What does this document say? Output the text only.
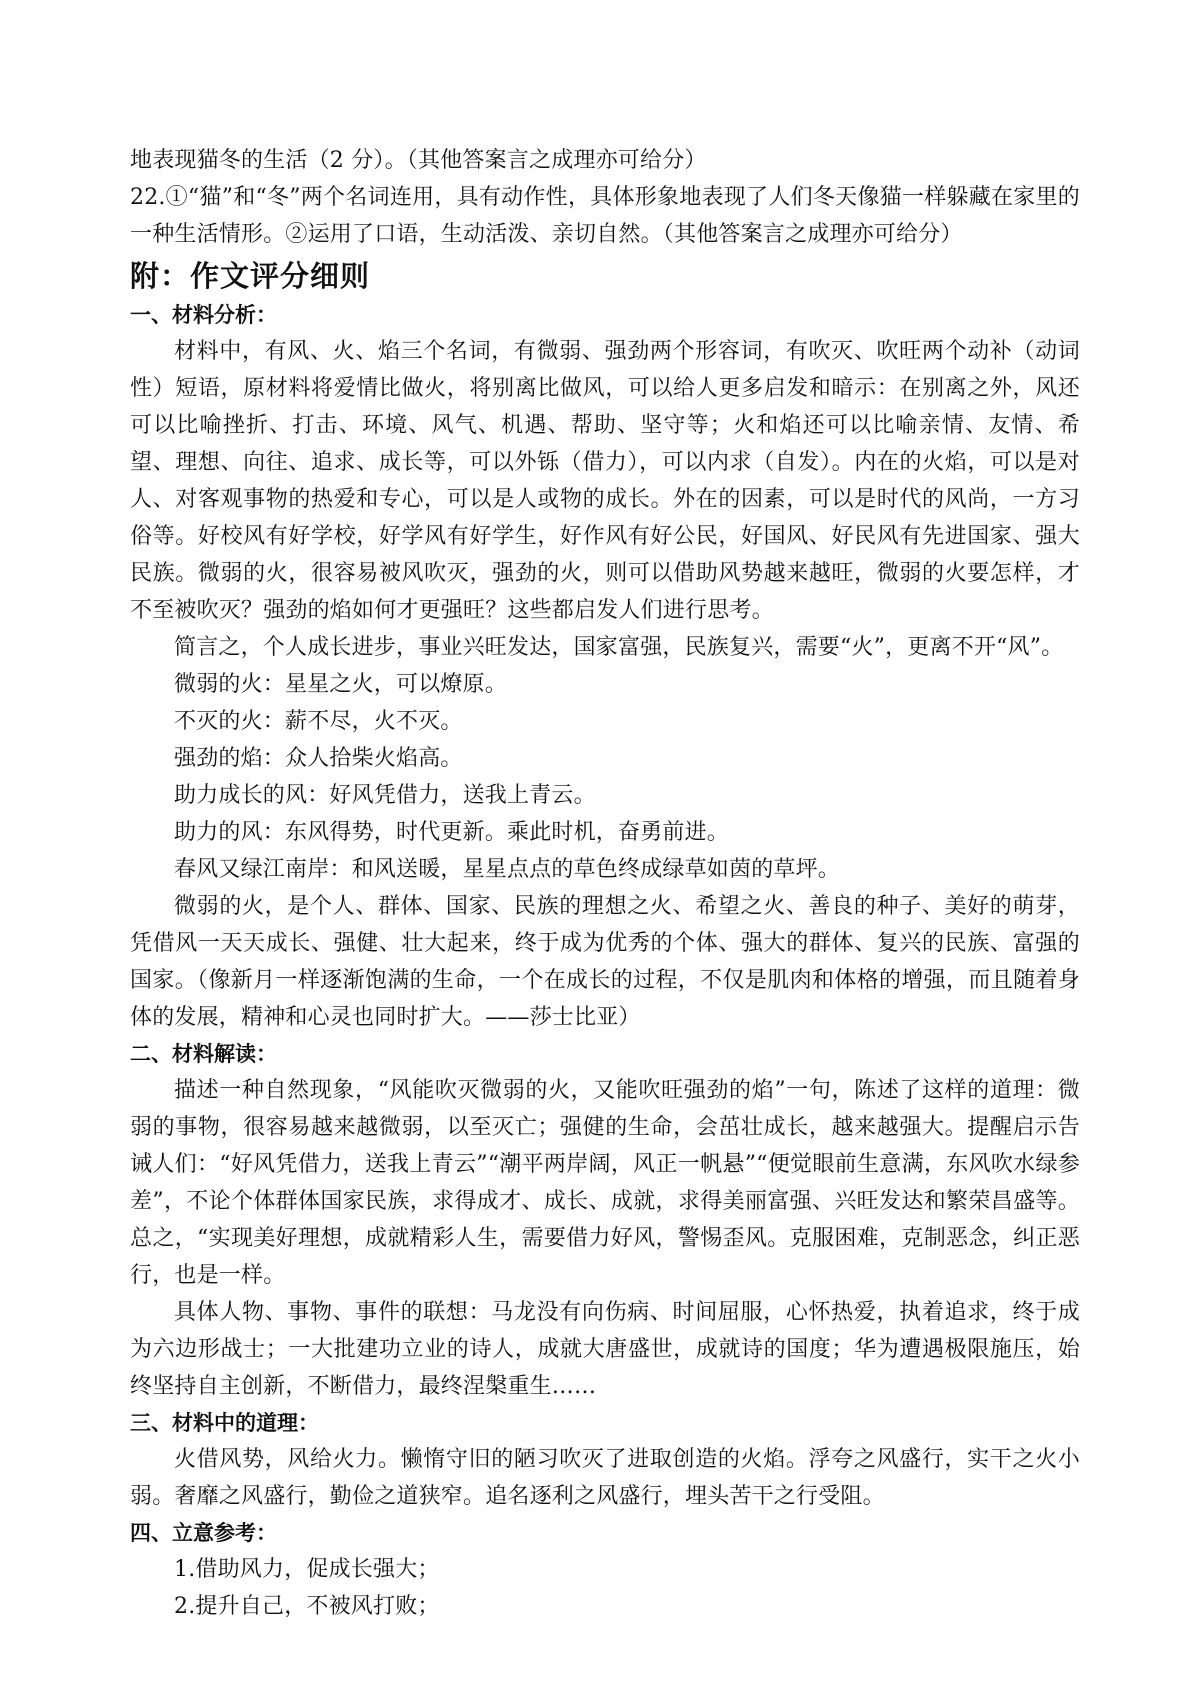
地表现猫冬的生活（2 分）。（其他答案言之成理亦可给分）

22.①“猫”和“冬”两个名词连用，具有动作性，具体形象地表现了人们冬天像猫一样躲藏在家里的一种生活情形。②运用了口语，生动活泼、亲切自然。（其他答案言之成理亦可给分）

附：作文评分细则
一、材料分析：

材料中，有风、火、焰三个名词，有微弱、强劲两个形容词，有吹灭、吹旺两个动补（动词性）短语，原材料将爱情比做火，将别离比做风，可以给人更多启发和暗示：在别离之外，风还可以比喻挫折、打击、环境、风气、机遇、帮助、坚守等；火和焰还可以比喻亲情、友情、希望、理想、向往、追求、成长等，可以外铄（借力），可以内求（自发）。内在的火焰，可以是对人、对客观事物的热爱和专心，可以是人或物的成长。外在的因素，可以是时代的风尚，一方习俗等。好校风有好学校，好学风有好学生，好作风有好公民，好国风、好民风有先进国家、强大民族。微弱的火，很容易被风吹灭，强劲的火，则可以借助风势越来越旺，微弱的火要怎样，才不至被吹灭？强劲的焰如何才更强旺？这些都启发人们进行思考。

简言之，个人成长进步，事业兴旺发达，国家富强，民族复兴，需要“火”，更离不开“风”。

微弱的火：星星之火，可以燎原。

不灭的火：薪不尽，火不灭。

强劲的焰：众人拾柴火焰高。

助力成长的风：好风凭借力，送我上青云。

助力的风：东风得势，时代更新。乘此时机，奋勇前进。

春风又绿江南岸：和风送暖，星星点点的草色终成绿草如茵的草坪。

微弱的火，是个人、群体、国家、民族的理想之火、希望之火、善良的种子、美好的萌芽，凭借风一天天成长、强健、壮大起来，终于成为优秀的个体、强大的群体、复兴的民族、富强的国家。（像新月一样逐渐饱满的生命，一个在成长的过程，不仅是肌肉和体格的增强，而且随着身体的发展，精神和心灵也同时扩大。——莎士比亚）

二、材料解读：

描述一种自然现象，“风能吹灭微弱的火，又能吹旺强劲的焰”一句，陈述了这样的道理：微弱的事物，很容易越来越微弱，以至灭亡；强健的生命，会茁壮成长，越来越强大。提醒启示告诫人们：“好风凭借力，送我上青云”“潮平两岸阔，风正一帆悬”“便觉眼前生意满，东风吹水绿参差”，不论个体群体国家民族，求得成才、成长、成就，求得美丽富强、兴旺发达和繁荣昌盛等。总之，“实现美好理想，成就精彩人生，需要借力好风，警惕歪风。克服困难，克制恶念，纠正恶行，也是一样。

具体人物、事物、事件的联想：马龙没有向伤病、时间屈服，心怀热爱，执着追求，终于成为六边形战士；一大批建功立业的诗人，成就大唐盛世，成就诗的国度；华为遭遇极限施压，始终坚持自主创新，不断借力，最终涅槃重生……

三、材料中的道理：

火借风势，风给火力。懒惰守旧的陋习吹灭了进取创造的火焰。浮夸之风盛行，实干之火小弱。奢靡之风盛行，勤俭之道狭窄。追名逐利之风盛行，埋头苦干之行受阻。

四、立意参考：

1.借助风力，促成长强大；

2.提升自己，不被风打败；
